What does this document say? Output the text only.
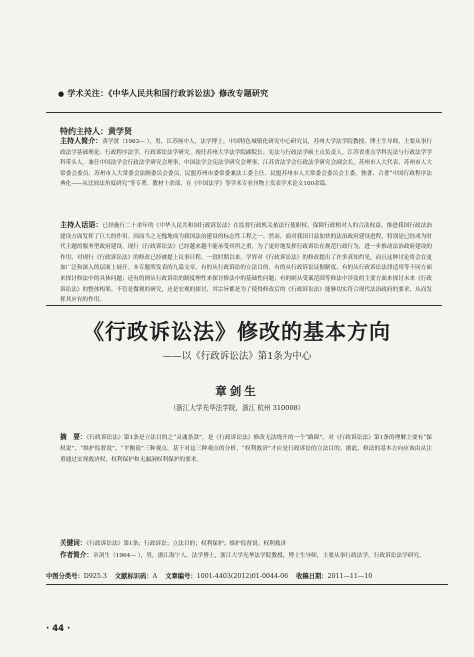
● 学术关注：《中华人民共和国行政诉讼法》修改专题研究
特约主持人：黄学贤
主持人简介：黄学贤（1963— ），男，江苏扬中人，法学博士，中国特色城镇化研究中心研究员，苏州大学法学院教授、博士生导师，主要从事行政法学基础理论、行政程序法学、行政诉讼法学研究。现任苏州大学法学院副院长、宪法与行政法学硕士点负责人，江苏省重点学科宪法与行政法学学科带头人。兼任中国法学会行政法学研究会理事，中国法学会宪法学研究会理事，江苏省法学会行政法学研究会副会长，苏州市人大代表、苏州市人大常委会委员、苏州市人大常委会法制委员会委员，民盟苏州市委常委兼法工委主任、民盟苏州市人大常委会委员会主委。独著、合著“中国行政程序法典化——从比较法角度研究”等专著、教材十余部，在《中国法学》等学术专业刊物上发表学术论文100余篇。
主持人话语：已经施行二十余年的《中华人民共和国行政诉讼法》在监督行政机关依法行使职权、保障行政相对人的合法权益，推进我国行政法治建设方面发挥了巨大的作用。因而当之无愧地成为我国法治建设的标志性工程之一。然而，面对我国日益加快的法治政府建设进程，特别是已经成为时代主题的服务型政府建设，现行《行政诉讼法》已经越来越不能承受其所之重。为了更好地发挥行政诉讼在规范行政行为，进一步推动法治政府建设的作用，对现行《行政诉讼法》的修改已经被提上议事日程。一段时期以来，学界对《行政诉讼法》的修改提出了许多真知灼见，而且这种讨论将会在更加广泛和深入的层面上展开。本专题所发表的九篇文章，有的从行政诉讼的立法目的、有的从行政诉讼证据制度、有的从行政诉讼法律适用等不同方面来探讨修法中的具体问题；还有的则从行政诉讼的制度理性来探讨修法中的基础性问题；有的则从受案范围等修法中涉及的主要方面来探讨未来《行政诉讼法》的整体构架。不管是微观的研究，还是宏观的探讨，其宗旨都是为了使得修改后的《行政诉讼法》能够切实符合现代法治政府的要求，从而发挥其应有的作用。
《行政诉讼法》修改的基本方向
——以《行政诉讼法》第1条为中心
章剑生
（浙江大学光华法学院，浙江 杭州 310008）
摘　要：《行政诉讼法》第1条是立法目的之“灵魂条款”，是《行政诉讼法》修改无法绕开的一个“路障”。对《行政诉讼法》第1条的理解主要有“保权说”、“维护监督说”、“平衡说”三种观点。基于对这三种观点的分析，“权利救济”才应是行政诉讼的立法目的。据此，修法的基本方向应该由从注重通过实现救济权，权利保护和无漏洞权利保护的要求。
关键词：《行政诉讼法》第1条；行政诉讼；立法目的；权利保护；维护监督说；权利救济
作者简介：章剑生（1964— ），男，浙江海宁人，法学博士，浙江大学光华法学院教授，博士生导师，主要从事行政法学、行政诉讼法学研究。
中图分类号：D925.3 文献标识码：A 文章编号：1001-4403(2012)01-0044-06 收稿日期：2011—11—10
· 44 ·
